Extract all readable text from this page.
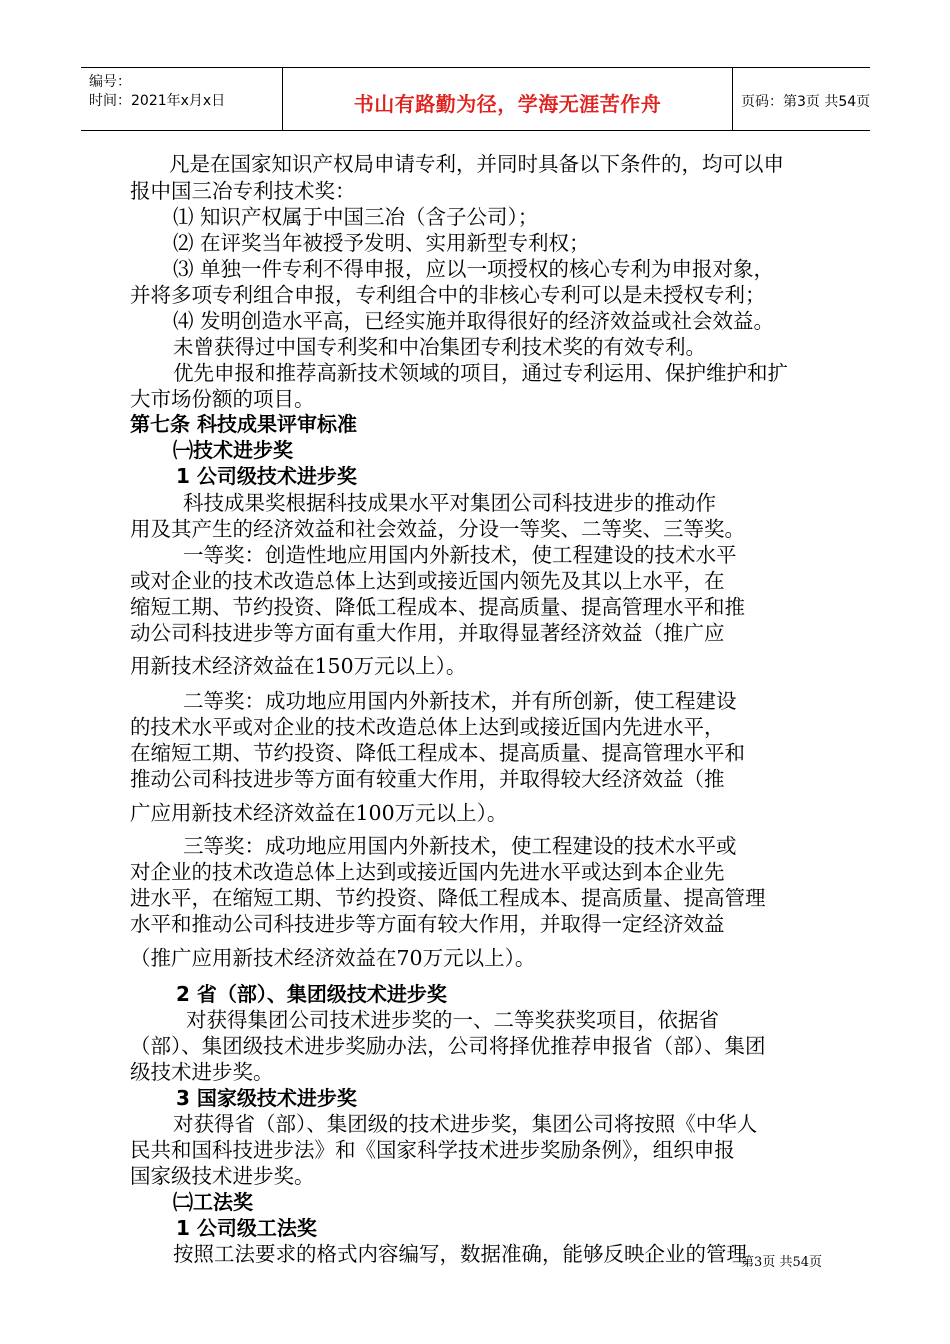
编号：
时间：2021年x月x日	书山有路勤为径，学海无涯苦作舟	页码：第3页 共54页
凡是在国家知识产权局申请专利，并同时具备以下条件的，均可以申
报中国三冶专利技术奖：
⑴ 知识产权属于中国三冶（含子公司）；
⑵ 在评奖当年被授予发明、实用新型专利权；
⑶ 单独一件专利不得申报，应以一项授权的核心专利为申报对象，
并将多项专利组合申报，专利组合中的非核心专利可以是未授权专利；
⑷ 发明创造水平高，已经实施并取得很好的经济效益或社会效益。
未曾获得过中国专利奖和中冶集团专利技术奖的有效专利。
优先申报和推荐高新技术领域的项目，通过专利运用、保护维护和扩
大市场份额的项目。
第七条 科技成果评审标准
㈠技术进步奖
1 公司级技术进步奖
科技成果奖根据科技成果水平对集团公司科技进步的推动作
用及其产生的经济效益和社会效益，分设一等奖、二等奖、三等奖。
一等奖：创造性地应用国内外新技术，使工程建设的技术水平
或对企业的技术改造总体上达到或接近国内领先及其以上水平，在
缩短工期、节约投资、降低工程成本、提高质量、提高管理水平和推
动公司科技进步等方面有重大作用，并取得显著经济效益（推广应
用新技术经济效益在150万元以上）。
二等奖：成功地应用国内外新技术，并有所创新，使工程建设
的技术水平或对企业的技术改造总体上达到或接近国内先进水平，
在缩短工期、节约投资、降低工程成本、提高质量、提高管理水平和
推动公司科技进步等方面有较重大作用，并取得较大经济效益（推
广应用新技术经济效益在100万元以上）。
三等奖：成功地应用国内外新技术，使工程建设的技术水平或
对企业的技术改造总体上达到或接近国内先进水平或达到本企业先
进水平，在缩短工期、节约投资、降低工程成本、提高质量、提高管理
水平和推动公司科技进步等方面有较大作用，并取得一定经济效益
（推广应用新技术经济效益在70万元以上）。
2 省（部）、集团级技术进步奖
对获得集团公司技术进步奖的一、二等奖获奖项目，依据省
（部）、集团级技术进步奖励办法，公司将择优推荐申报省（部）、集团
级技术进步奖。
3 国家级技术进步奖
对获得省（部）、集团级的技术进步奖，集团公司将按照《中华人
民共和国科技进步法》和《国家科学技术进步奖励条例》，组织申报
国家级技术进步奖。
㈡工法奖
1 公司级工法奖
按照工法要求的格式内容编写，数据准确，能够反映企业的管理
第3页 共54页
